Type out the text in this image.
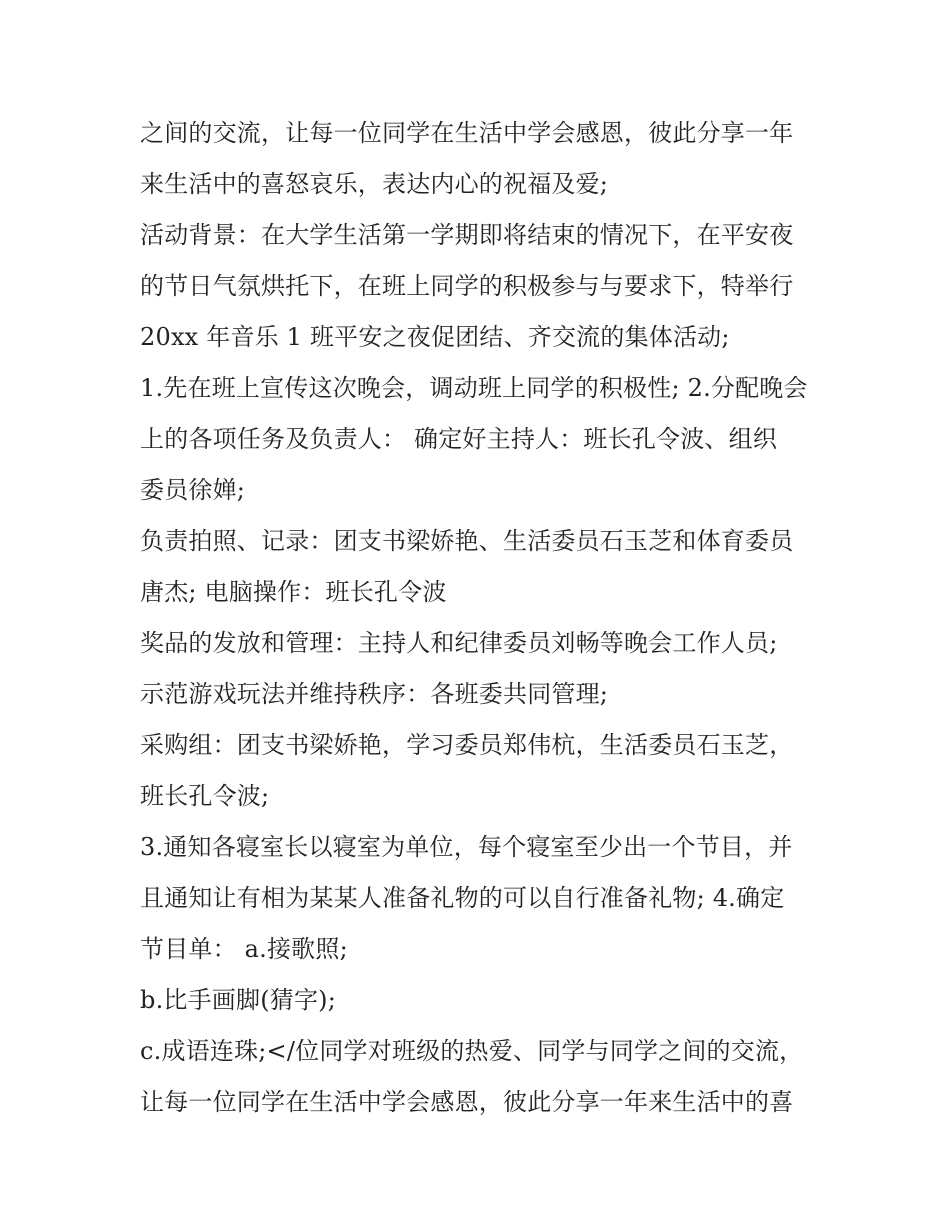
之间的交流，让每一位同学在生活中学会感恩，彼此分享一年
来生活中的喜怒哀乐，表达内心的祝福及爱;
活动背景：在大学生活第一学期即将结束的情况下，在平安夜
的节日气氛烘托下，在班上同学的积极参与与要求下，特举行
20xx 年音乐 1 班平安之夜促团结、齐交流的集体活动;
1.先在班上宣传这次晚会，调动班上同学的积极性; 2.分配晚会
上的各项任务及负责人： 确定好主持人：班长孔令波、组织
委员徐婵;
负责拍照、记录：团支书梁娇艳、生活委员石玉芝和体育委员
唐杰; 电脑操作：班长孔令波
奖品的发放和管理：主持人和纪律委员刘畅等晚会工作人员;
示范游戏玩法并维持秩序：各班委共同管理;
采购组：团支书梁娇艳，学习委员郑伟杭，生活委员石玉芝，
班长孔令波;
3.通知各寝室长以寝室为单位，每个寝室至少出一个节目，并
且通知让有相为某某人准备礼物的可以自行准备礼物; 4.确定
节目单： a.接歌照;
b.比手画脚(猜字);
c.成语连珠;</位同学对班级的热爱、同学与同学之间的交流，
让每一位同学在生活中学会感恩，彼此分享一年来生活中的喜
